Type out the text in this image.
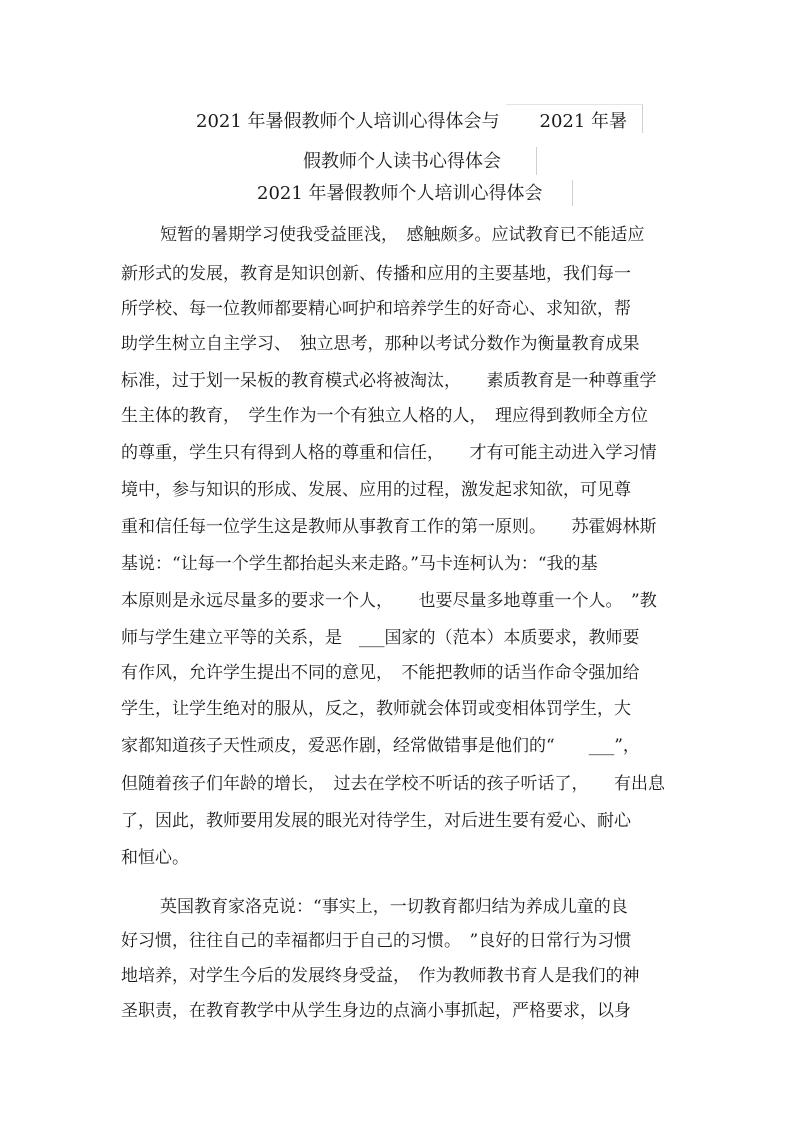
2021 年暑假教师个人培训心得体会与 2021 年暑
假教师个人读书心得体会
2021 年暑假教师个人培训心得体会
短暂的暑期学习使我受益匪浅，　感触颇多。应试教育已不能适应
新形式的发展，教育是知识创新、传播和应用的主要基地，我们每一
所学校、每一位教师都要精心呵护和培养学生的好奇心、求知欲，帮
助学生树立自主学习、　独立思考，那种以考试分数作为衡量教育成果
标准，过于划一呆板的教育模式必将被淘汰，　　素质教育是一种尊重学
生主体的教育，　学生作为一个有独立人格的人，　理应得到教师全方位
的尊重，学生只有得到人格的尊重和信任，　　才有可能主动进入学习情
境中，参与知识的形成、发展、应用的过程，激发起求知欲，可见尊
重和信任每一位学生这是教师从事教育工作的第一原则。　　苏霍姆林斯
基说：“让每一个学生都抬起头来走路。”马卡连柯认为：“我的基
本原则是永远尽量多的要求一个人，　　也要尽量多地尊重一个人。　”教
师与学生建立平等的关系，是　___国家的（范本）本质要求，教师要
有作风，允许学生提出不同的意见，　不能把教师的话当作命令强加给
学生，让学生绝对的服从，反之，教师就会体罚或变相体罚学生，大
家都知道孩子天性顽皮，爱恶作剧，经常做错事是他们的“　　___”，
但随着孩子们年龄的增长，　过去在学校不听话的孩子听话了，　　有出息
了，因此，教师要用发展的眼光对待学生，对后进生要有爱心、耐心
和恒心。
英国教育家洛克说：“事实上，一切教育都归结为养成儿童的良
好习惯，往往自己的幸福都归于自己的习惯。　”良好的日常行为习惯
地培养，对学生今后的发展终身受益，　作为教师教书育人是我们的神
圣职责，在教育教学中从学生身边的点滴小事抓起，严格要求，以身
